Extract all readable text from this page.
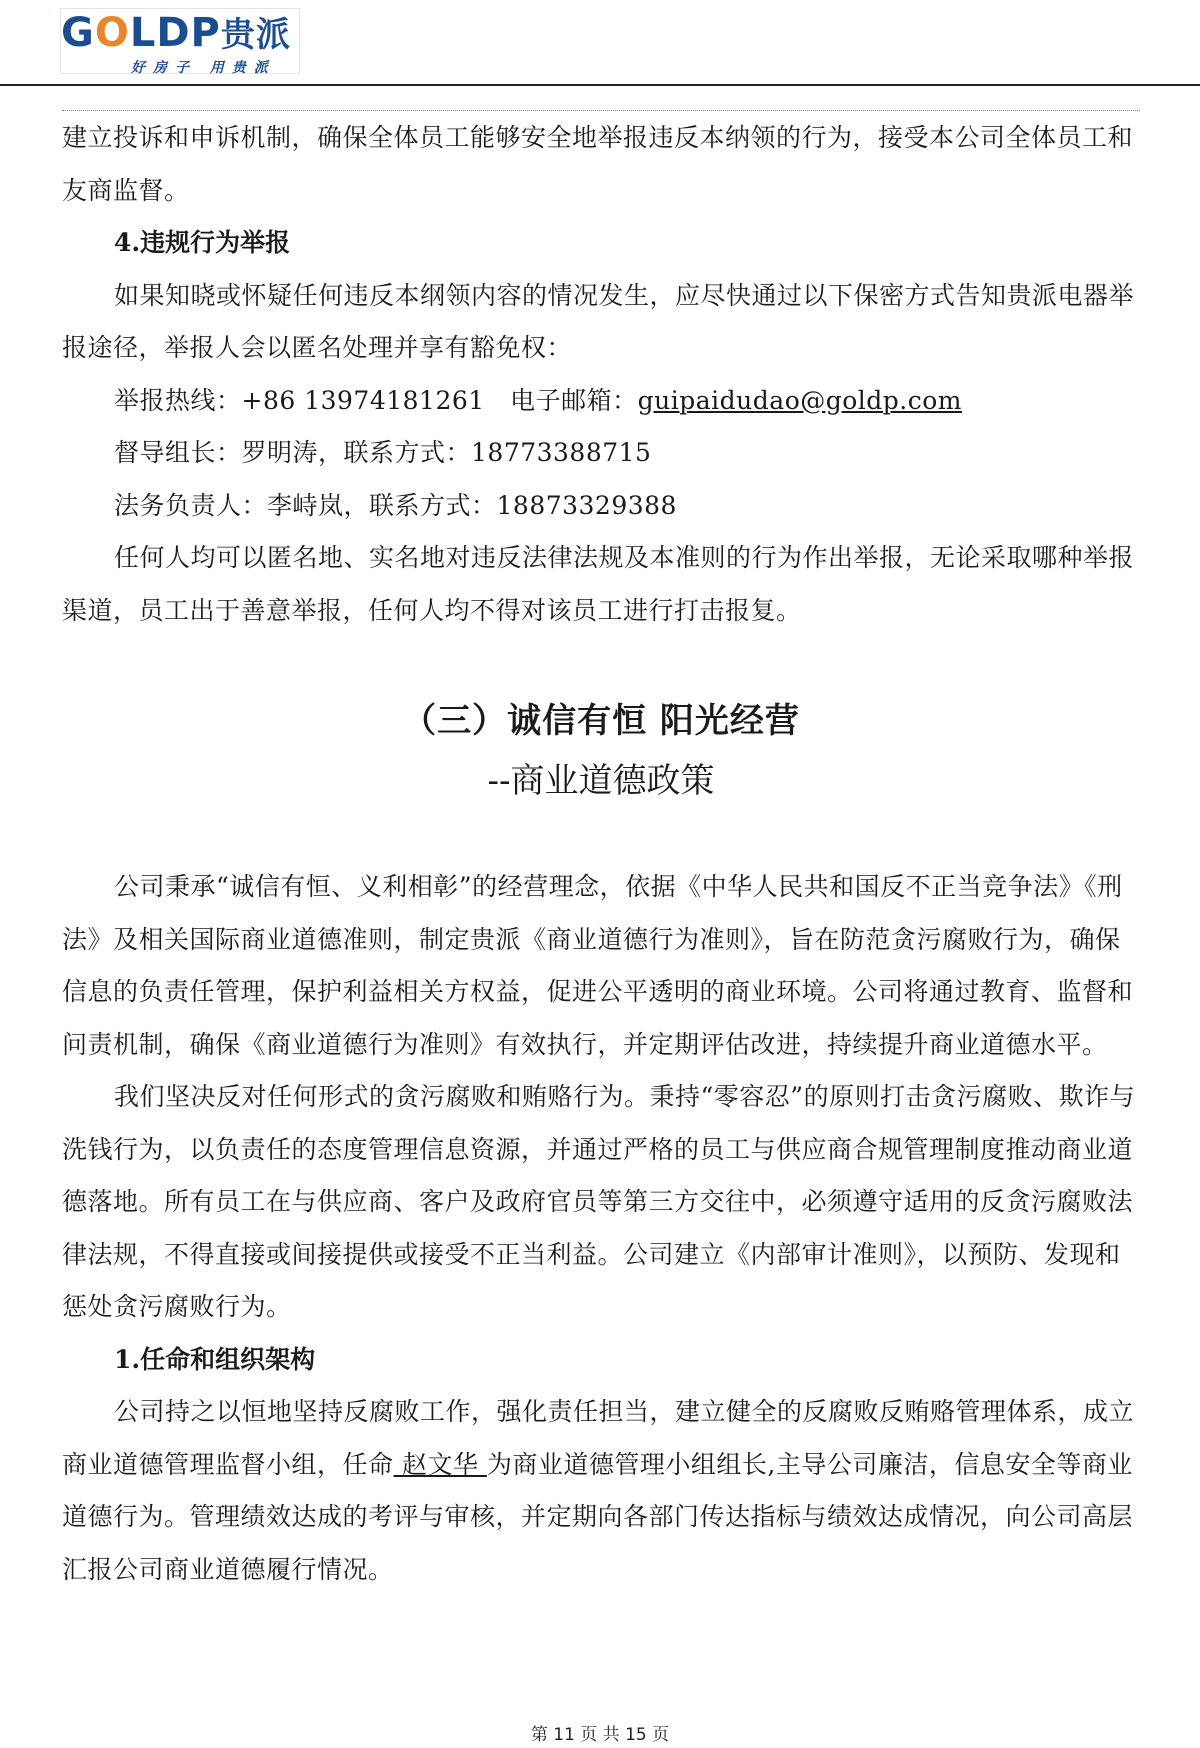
GOLDP贵派
好房子 用贵派

建立投诉和申诉机制，确保全体员工能够安全地举报违反本纳领的行为，接受本公司全体员工和友商监督。

4.违规行为举报

如果知晓或怀疑任何违反本纲领内容的情况发生，应尽快通过以下保密方式告知贵派电器举报途径，举报人会以匿名处理并享有豁免权：

举报热线：+86 13974181261　电子邮箱：guipaidudao@goldp.com

督导组长：罗明涛，联系方式：18773388715

法务负责人：李峙岚，联系方式：18873329388

任何人均可以匿名地、实名地对违反法律法规及本准则的行为作出举报，无论采取哪种举报渠道，员工出于善意举报，任何人均不得对该员工进行打击报复。

（三）诚信有恒 阳光经营

--商业道德政策

公司秉承“诚信有恒、义利相彰”的经营理念，依据《中华人民共和国反不正当竞争法》《刑法》及相关国际商业道德准则，制定贵派《商业道德行为准则》，旨在防范贪污腐败行为，确保信息的负责任管理，保护利益相关方权益，促进公平透明的商业环境。公司将通过教育、监督和问责机制，确保《商业道德行为准则》有效执行，并定期评估改进，持续提升商业道德水平。

我们坚决反对任何形式的贪污腐败和贿赂行为。秉持“零容忍”的原则打击贪污腐败、欺诈与洗钱行为，以负责任的态度管理信息资源，并通过严格的员工与供应商合规管理制度推动商业道德落地。所有员工在与供应商、客户及政府官员等第三方交往中，必须遵守适用的反贪污腐败法律法规，不得直接或间接提供或接受不正当利益。公司建立《内部审计准则》，以预防、发现和惩处贪污腐败行为。

1.任命和组织架构

公司持之以恒地坚持反腐败工作，强化责任担当，建立健全的反腐败反贿赂管理体系，成立商业道德管理监督小组，任命 赵文华 为商业道德管理小组组长,主导公司廉洁，信息安全等商业道德行为。管理绩效达成的考评与审核，并定期向各部门传达指标与绩效达成情况，向公司高层汇报公司商业道德履行情况。

第 11 页 共 15 页
